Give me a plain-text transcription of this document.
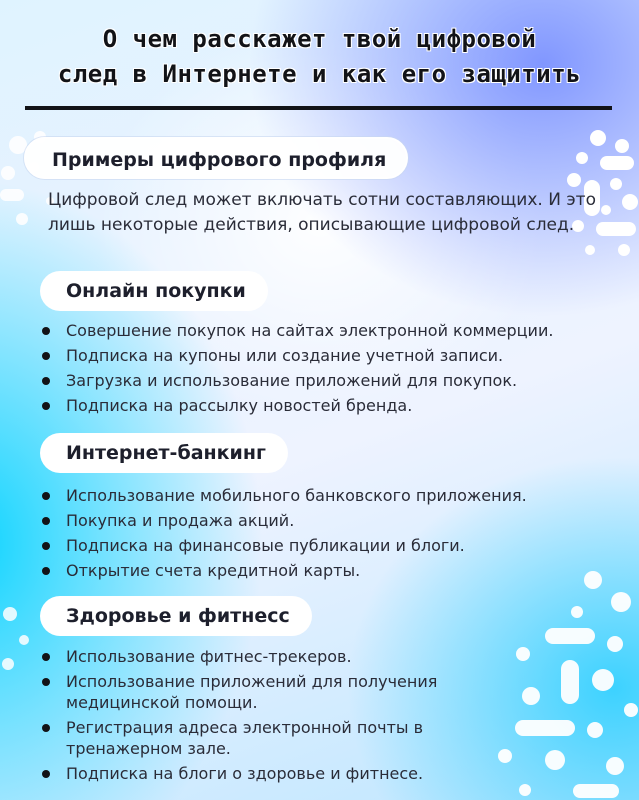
О чем расскажет твой цифровой
след в Интернете и как его защитить
Примеры цифрового профиля
Цифровой след может включать сотни составляющих. И это лишь некоторые действия, описывающие цифровой след.
Онлайн покупки
Совершение покупок на сайтах электронной коммерции.
Подписка на купоны или создание учетной записи.
Загрузка и использование приложений для покупок.
Подписка на рассылку новостей бренда.
Интернет-банкинг
Использование мобильного банковского приложения.
Покупка и продажа акций.
Подписка на финансовые публикации и блоги.
Открытие счета кредитной карты.
Здоровье и фитнесс
Использование фитнес-трекеров.
Использование приложений для получения медицинской помощи.
Регистрация адреса электронной почты в тренажерном зале.
Подписка на блоги о здоровье и фитнесе.
